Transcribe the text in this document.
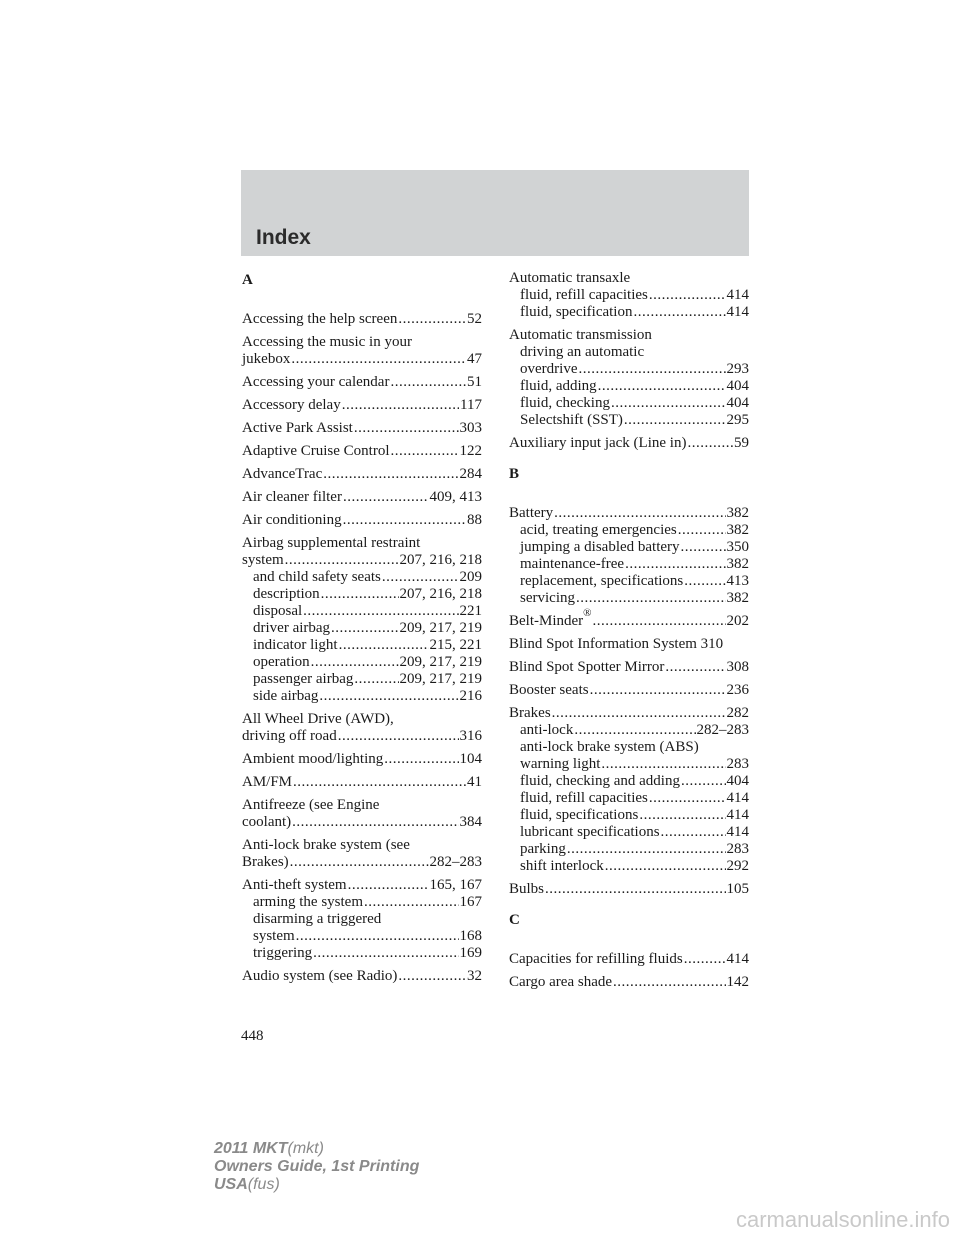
Index
A
Accessing the help screen .....	52
Accessing the music in your
jukebox .....	47
Accessing your calendar .....	51
Accessory delay .....	117
Active Park Assist .....	303
Adaptive Cruise Control .....	122
AdvanceTrac .....	284
Air cleaner filter .....	409, 413
Air conditioning .....	88
Airbag supplemental restraint
system .....	207, 216, 218
and child safety seats .....	209
description .....	207, 216, 218
disposal .....	221
driver airbag .....	209, 217, 219
indicator light .....	215, 221
operation .....	209, 217, 219
passenger airbag .....	209, 217, 219
side airbag .....	216
All Wheel Drive (AWD),
driving off road .....	316
Ambient mood/lighting .....	104
AM/FM .....	41
Antifreeze (see Engine
coolant) .....	384
Anti-lock brake system (see
Brakes) .....	282–283
Anti-theft system .....	165, 167
arming the system .....	167
disarming a triggered
system .....	168
triggering .....	169
Audio system (see Radio) .....	32
Automatic transaxle
fluid, refill capacities .....	414
fluid, specification .....	414
Automatic transmission
driving an automatic
overdrive .....	293
fluid, adding .....	404
fluid, checking .....	404
Selectshift (SST) .....	295
Auxiliary input jack (Line in) .....	59
B
Battery .....	382
acid, treating emergencies .....	382
jumping a disabled battery .....	350
maintenance-free .....	382
replacement, specifications .....	413
servicing .....	382
Belt-Minder ® .....	202
Blind Spot Information System 310
Blind Spot Spotter Mirror .....	308
Booster seats .....	236
Brakes .....	282
anti-lock .....	282–283
anti-lock brake system (ABS)
warning light .....	283
fluid, checking and adding .....	404
fluid, refill capacities .....	414
fluid, specifications .....	414
lubricant specifications .....	414
parking .....	283
shift interlock .....	292
Bulbs .....	105
C
Capacities for refilling fluids .....	414
Cargo area shade .....	142
448
2011 MKT(mkt)
Owners Guide, 1st Printing
USA(fus)
carmanualsonline.info
